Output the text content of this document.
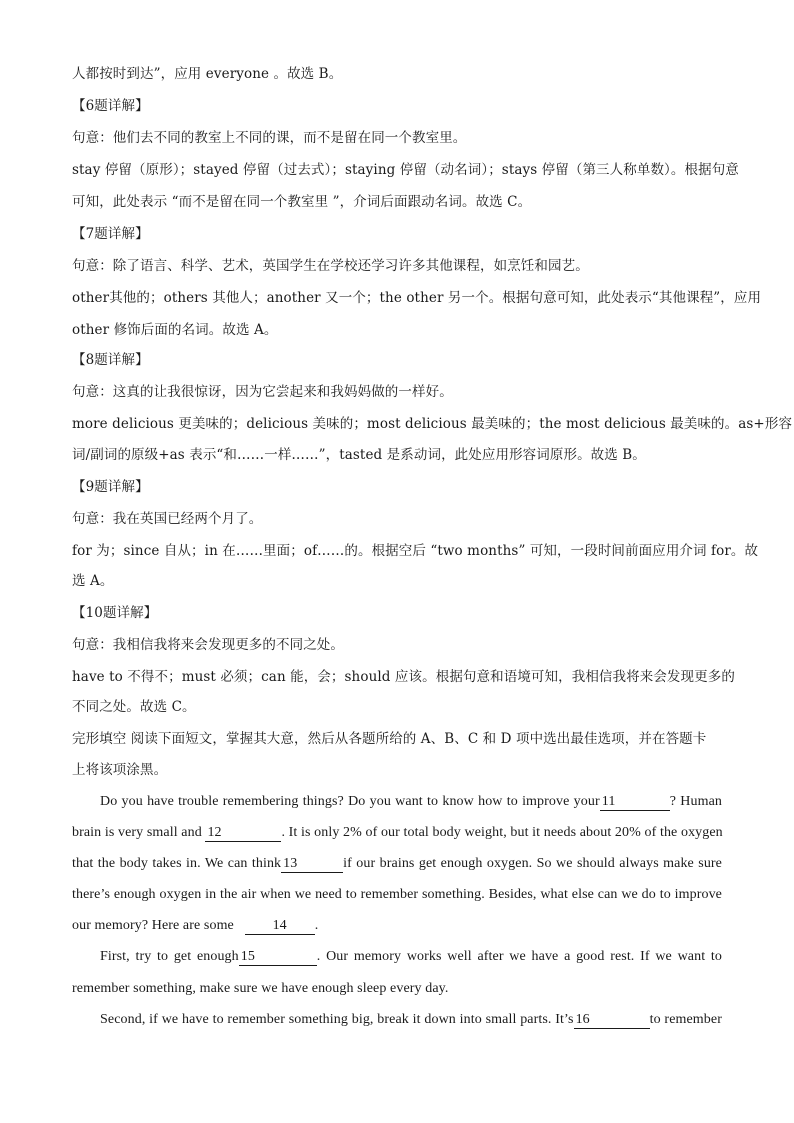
人都按时到达”，应用 everyone 。故选 B。
【6题详解】
句意：他们去不同的教室上不同的课，而不是留在同一个教室里。
stay 停留（原形）；stayed 停留（过去式）；staying 停留（动名词）；stays 停留（第三人称单数）。根据句意
可知，此处表示 “而不是留在同一个教室里 ”，介词后面跟动名词。故选 C。
【7题详解】
句意：除了语言、科学、艺术，英国学生在学校还学习许多其他课程，如烹饪和园艺。
other其他的；others 其他人；another 又一个；the other 另一个。根据句意可知，此处表示“其他课程”，应用
other 修饰后面的名词。故选 A。
【8题详解】
句意：这真的让我很惊讶，因为它尝起来和我妈妈做的一样好。
more delicious 更美味的；delicious 美味的；most delicious 最美味的；the most delicious 最美味的。as+形容
词/副词的原级+as 表示“和……一样……”，tasted 是系动词，此处应用形容词原形。故选 B。
【9题详解】
句意：我在英国已经两个月了。
for 为；since 自从；in 在……里面；of……的。根据空后 “two months” 可知，一段时间前面应用介词 for。故
选 A。
【10题详解】
句意：我相信我将来会发现更多的不同之处。
have to 不得不；must 必须；can 能，会；should 应该。根据句意和语境可知，我相信我将来会发现更多的
不同之处。故选 C。
完形填空 阅读下面短文，掌握其大意，然后从各题所给的 A、B、C 和 D 项中选出最佳选项，并在答题卡
上将该项涂黑。
Do you have trouble remembering things? Do you want to know how to improve your 11	? Human
brain is very small and 12	. It is only 2% of our total body weight, but it needs about 20% of the oxygen
that the body takes in. We can think 13	if our brains get enough oxygen. So we should always make sure
there’s enough oxygen in the air when we need to remember something. Besides, what else can we do to improve
our memory? Here are some	14 .
First, try to get enough 15	. Our memory works well after we have a good rest. If we want to
remember something, make sure we have enough sleep every day.
Second, if we have to remember something big, break it down into small parts. It’s 16	to remember
